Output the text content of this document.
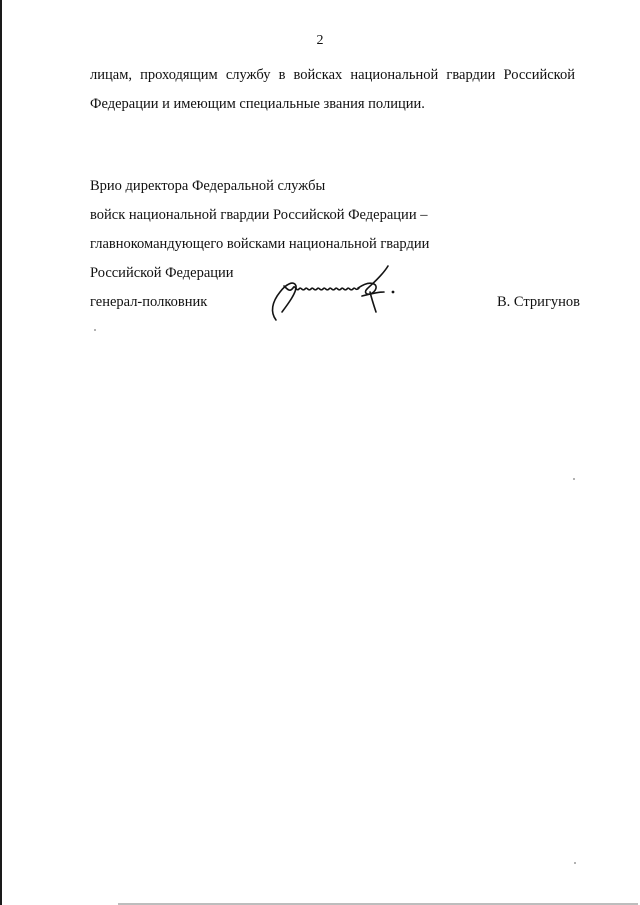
2
лицам, проходящим службу в войсках национальной гвардии Российской
Федерации и имеющим специальные звания полиции.
Врио директора Федеральной службы
войск национальной гвардии Российской Федерации –
главнокомандующего войсками национальной гвардии
Российской Федерации
генерал-полковник	В. Стригунов
